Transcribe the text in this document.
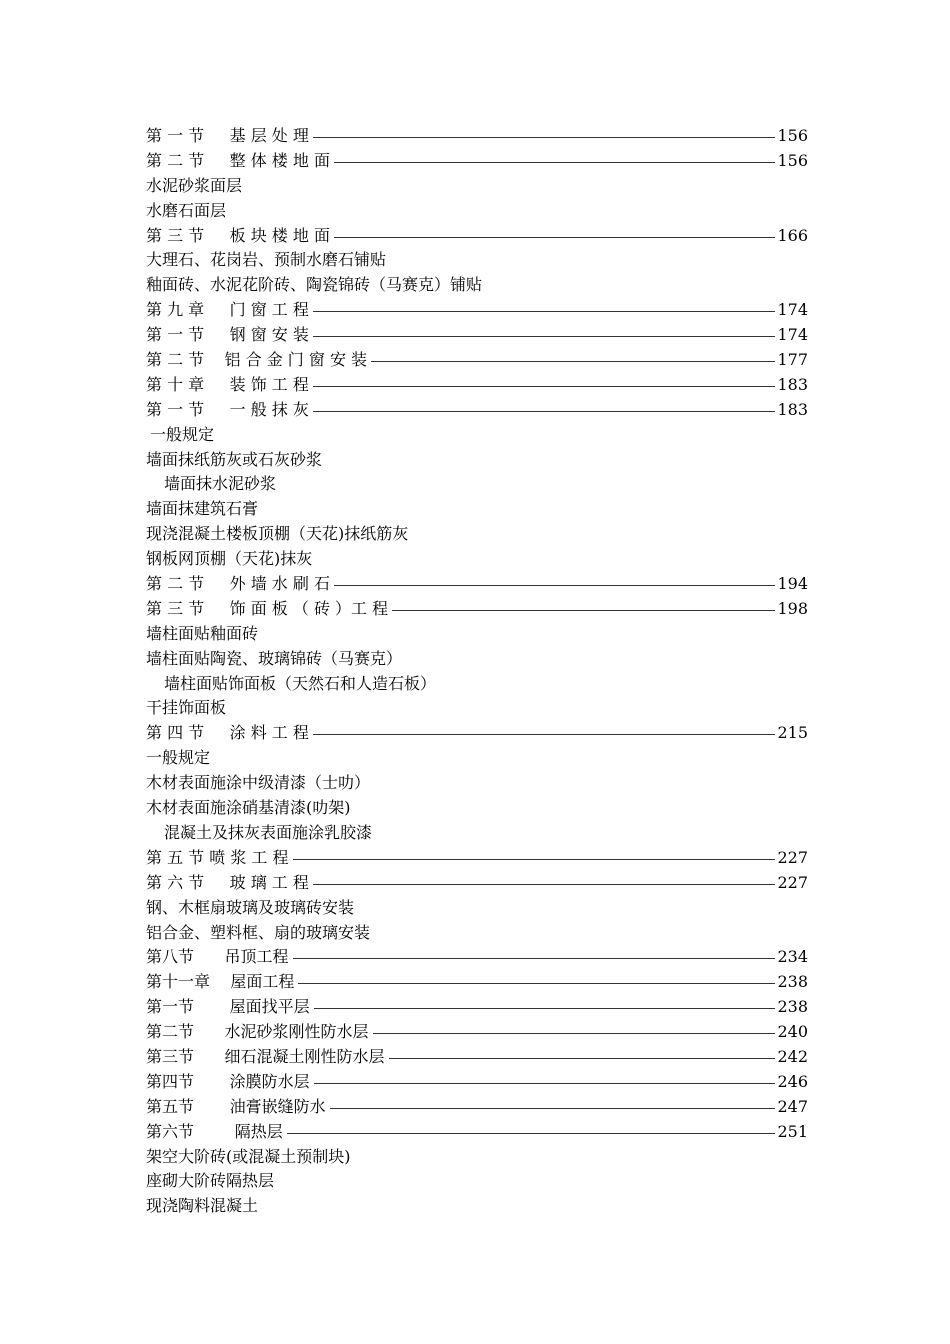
第 一 节     基 层 处 理	156
第 二 节     整 体 楼 地 面	156
水泥砂浆面层
水磨石面层
第 三 节     板 块 楼 地 面	166
大理石、花岗岩、预制水磨石铺贴
釉面砖、水泥花阶砖、陶瓷锦砖（马赛克）铺贴
第 九 章     门 窗 工 程	174
第 一 节     钢 窗 安 装	174
第 二 节    铝 合 金 门 窗 安 装	177
第 十 章     装 饰 工 程	183
第 一 节     一 般 抹 灰	183
一般规定
墙面抹纸筋灰或石灰砂浆
墙面抹水泥砂浆
墙面抹建筑石膏
现浇混凝土楼板顶棚（天花)抹纸筋灰
钢板网顶棚（天花)抹灰
第 二 节     外 墙 水 刷 石	194
第 三 节     饰 面 板 （ 砖 ）工 程	198
墙柱面贴釉面砖
墙柱面贴陶瓷、玻璃锦砖（马赛克）
墙柱面贴饰面板（天然石和人造石板）
干挂饰面板
第 四 节     涂 料 工 程	215
一般规定
木材表面施涂中级清漆（士叻）
木材表面施涂硝基清漆(叻架)
混凝土及抹灰表面施涂乳胶漆
第 五 节 喷 浆 工 程	227
第 六 节     玻 璃 工 程	227
钢、木框扇玻璃及玻璃砖安装
铝合金、塑料框、扇的玻璃安装
第八节      吊顶工程	234
第十一章    屋面工程	238
第一节       屋面找平层	238
第二节      水泥砂浆刚性防水层	240
第三节      细石混凝土刚性防水层	242
第四节       涂膜防水层	246
第五节       油膏嵌缝防水	247
第六节        隔热层	251
架空大阶砖(或混凝土预制块)
座砌大阶砖隔热层
现浇陶料混凝土
